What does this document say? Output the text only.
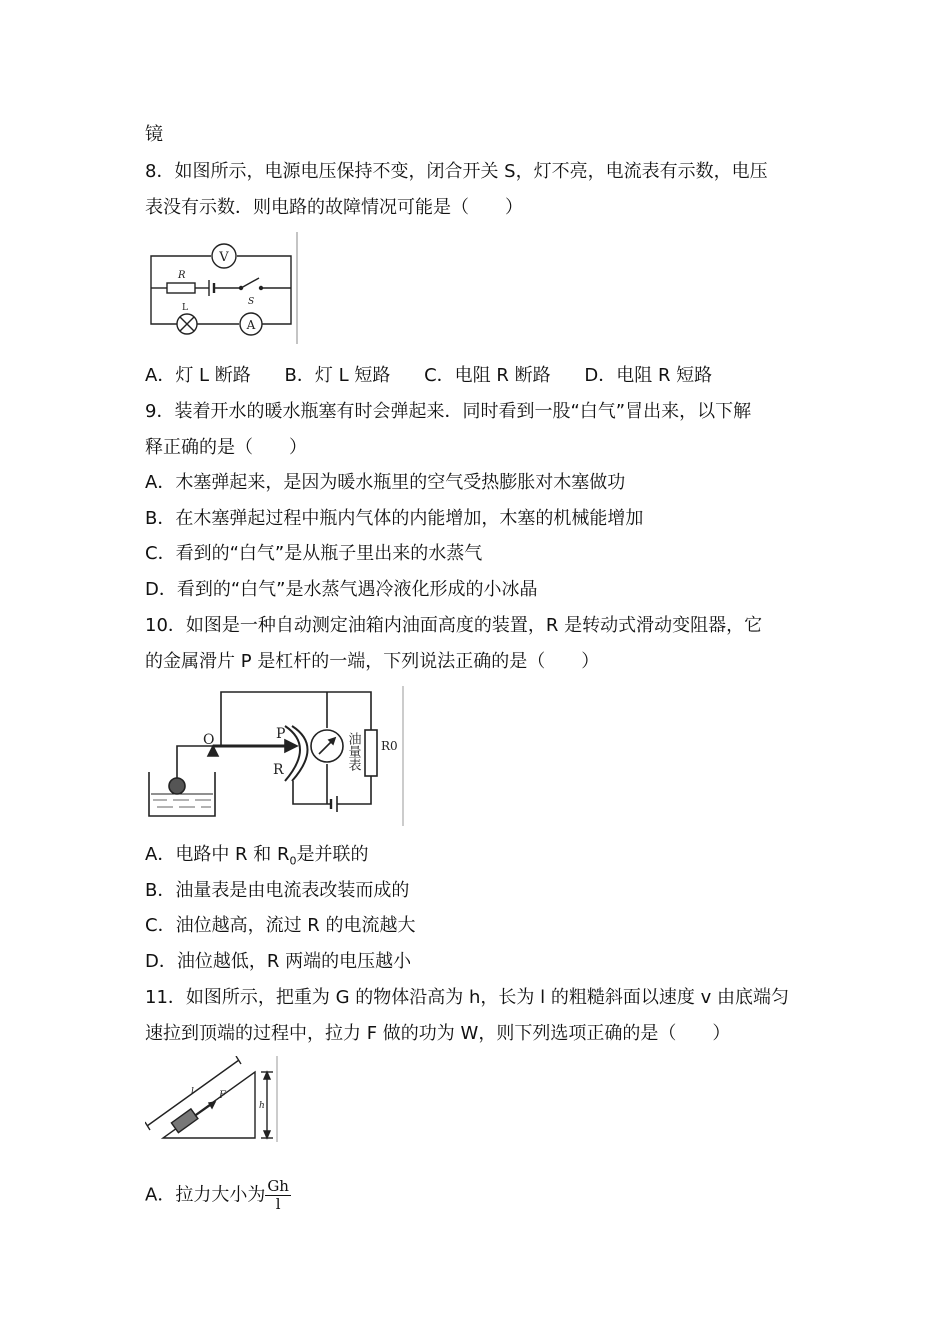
镜
8．如图所示，电源电压保持不变，闭合开关 S，灯不亮，电流表有示数，电压
表没有示数．则电路的故障情况可能是（　　）
V
A
R
L
S
A．灯 L 断路 B．灯 L 短路 C．电阻 R 断路 D．电阻 R 短路
9．装着开水的暖水瓶塞有时会弹起来．同时看到一股“白气”冒出来，以下解
释正确的是（　　）
A．木塞弹起来，是因为暖水瓶里的空气受热膨胀对木塞做功
B．在木塞弹起过程中瓶内气体的内能增加，木塞的机械能增加
C．看到的“白气”是从瓶子里出来的水蒸气
D．看到的“白气”是水蒸气遇冷液化形成的小冰晶
10．如图是一种自动测定油箱内油面高度的装置，R 是转动式滑动变阻器，它
的金属滑片 P 是杠杆的一端，下列说法正确的是（　　）
O	P
R
R0
油量表
A．电路中 R 和 $R_0$是并联的
B．油量表是由电流表改装而成的
C．油位越高，流过 R 的电流越大
D．油位越低，R 两端的电压越小
11．如图所示，把重为 G 的物体沿高为 h，长为 l 的粗糙斜面以速度 v 由底端匀
速拉到顶端的过程中，拉力 F 做的功为 W，则下列选项正确的是（　　）
l	F
h
A．拉力大小为 $\frac{Gh}{l}$
